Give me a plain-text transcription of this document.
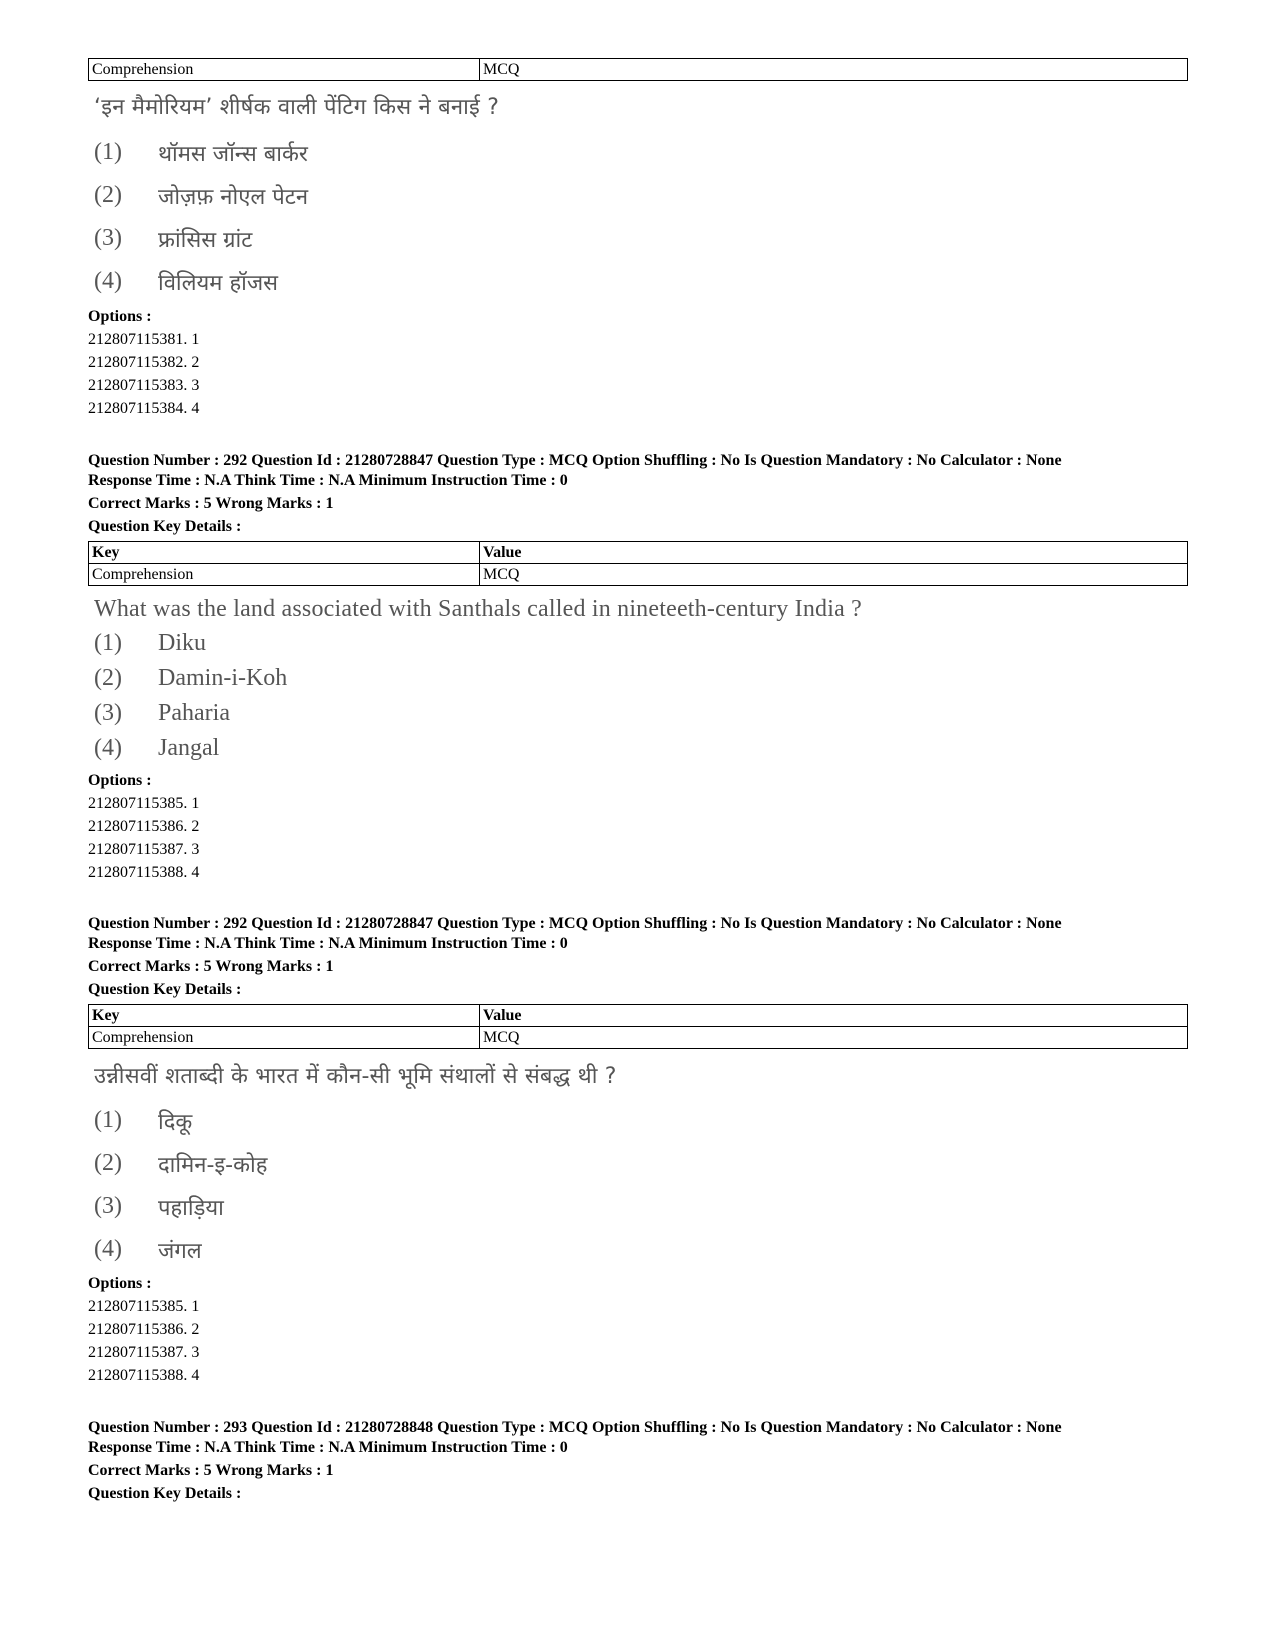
Comprehension	MCQ
‘इन मैमोरियम’ शीर्षक वाली पेंटिग किस ने बनाई ?
(1)	थॉमस जॉन्स बार्कर
(2)	जोज़फ़ नोएल पेटन
(3)	फ्रांसिस ग्रांट
(4)	विलियम हॉजस
Options :
212807115381. 1
212807115382. 2
212807115383. 3
212807115384. 4
Question Number : 292 Question Id : 21280728847 Question Type : MCQ Option Shuffling : No Is Question Mandatory : No Calculator : None
Response Time : N.A Think Time : N.A Minimum Instruction Time : 0
Correct Marks : 5 Wrong Marks : 1
Question Key Details :
Key	Value
Comprehension	MCQ
What was the land associated with Santhals called in nineteeth-century India ?
(1)	Diku
(2)	Damin-i-Koh
(3)	Paharia
(4)	Jangal
Options :
212807115385. 1
212807115386. 2
212807115387. 3
212807115388. 4
Question Number : 292 Question Id : 21280728847 Question Type : MCQ Option Shuffling : No Is Question Mandatory : No Calculator : None
Response Time : N.A Think Time : N.A Minimum Instruction Time : 0
Correct Marks : 5 Wrong Marks : 1
Question Key Details :
Key	Value
Comprehension	MCQ
उन्नीसवीं शताब्दी के भारत में कौन-सी भूमि संथालों से संबद्ध थी ?
(1)	दिकू
(2)	दामिन-इ-कोह
(3)	पहाड़िया
(4)	जंगल
Options :
212807115385. 1
212807115386. 2
212807115387. 3
212807115388. 4
Question Number : 293 Question Id : 21280728848 Question Type : MCQ Option Shuffling : No Is Question Mandatory : No Calculator : None
Response Time : N.A Think Time : N.A Minimum Instruction Time : 0
Correct Marks : 5 Wrong Marks : 1
Question Key Details :
